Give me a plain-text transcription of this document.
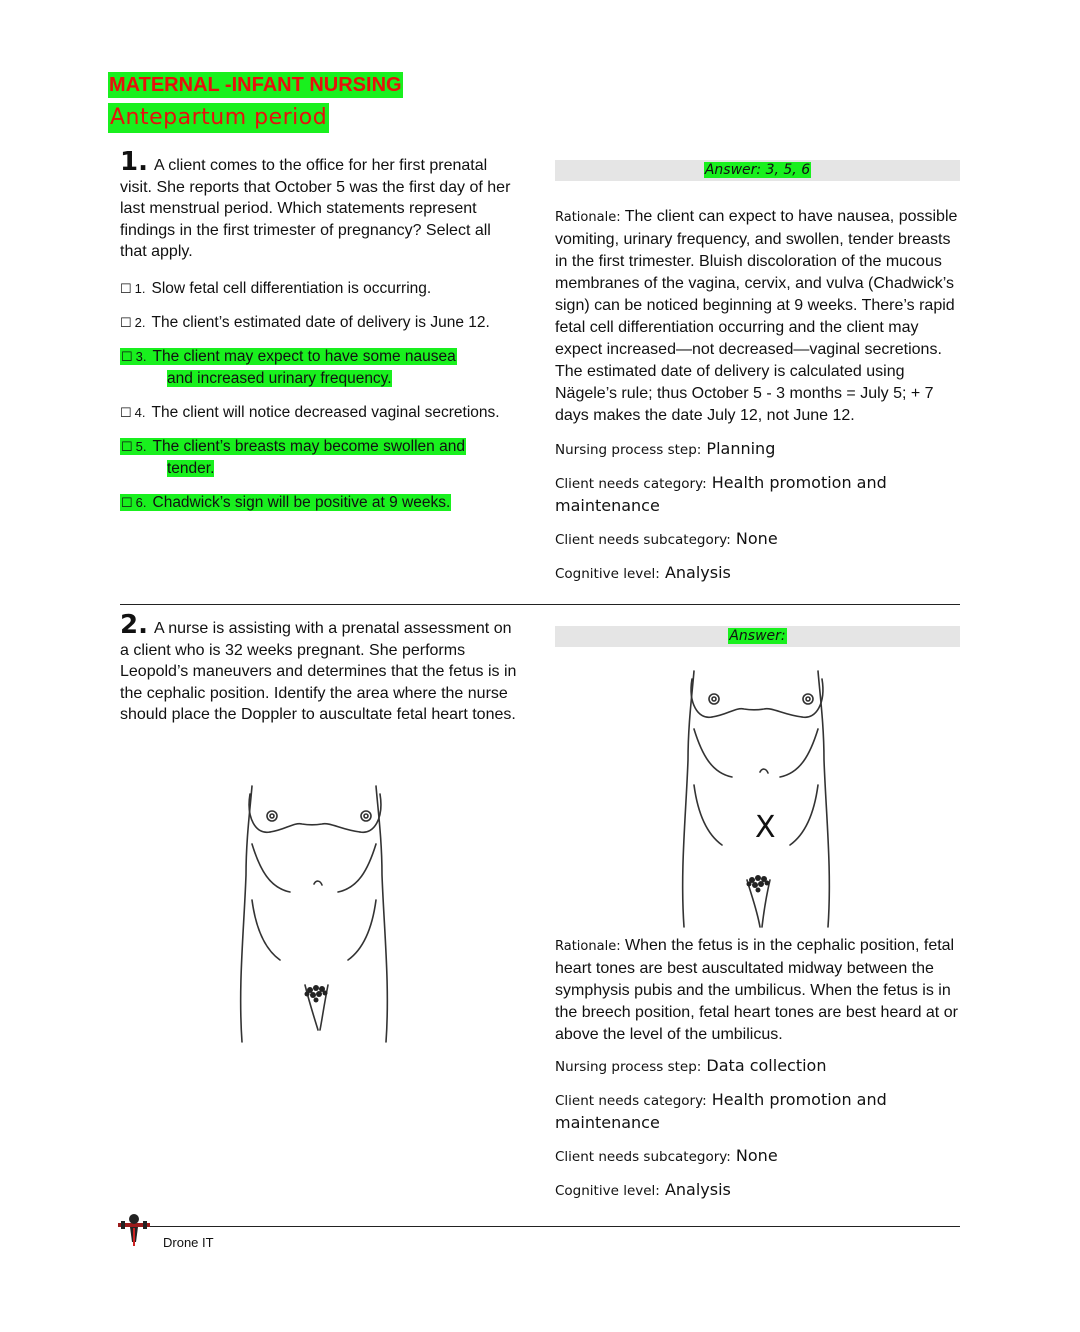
MATERNAL -INFANT NURSING
Antepartum period
1. A client comes to the office for her first prenatal visit. She reports that October 5 was the first day of her last menstrual period. Which statements represent findings in the first trimester of pregnancy? Select all that apply.
☐ 1. Slow fetal cell differentiation is occurring.
☐ 2. The client’s estimated date of delivery is June 12.
☐ 3. The client may expect to have some nausea
and increased urinary frequency.
☐ 4. The client will notice decreased vaginal secretions.
☐ 5. The client’s breasts may become swollen and
tender.
☐ 6. Chadwick’s sign will be positive at 9 weeks.
Answer: 3, 5, 6
Rationale: The client can expect to have nausea, possible vomiting, urinary frequency, and swollen, tender breasts in the first trimester. Bluish discoloration of the mucous membranes of the vagina, cervix, and vulva (Chadwick’s sign) can be noticed beginning at 9 weeks. There’s rapid fetal cell differentiation occurring and the client may expect increased—not decreased—vaginal secretions. The estimated date of delivery is calculated using Nägele’s rule; thus October 5 - 3 months = July 5; + 7 days makes the date July 12, not June 12.
Nursing process step: Planning
Client needs category: Health promotion and maintenance
Client needs subcategory: None
Cognitive level: Analysis
2. A nurse is assisting with a prenatal assessment on a client who is 32 weeks pregnant. She performs Leopold’s maneuvers and determines that the fetus is in the cephalic position. Identify the area where the nurse should place the Doppler to auscultate fetal heart tones.
Answer:
X
Rationale: When the fetus is in the cephalic position, fetal heart tones are best auscultated midway between the symphysis pubis and the umbilicus. When the fetus is in the breech position, fetal heart tones are best heard at or above the level of the umbilicus.
Nursing process step: Data collection
Client needs category: Health promotion and maintenance
Client needs subcategory: None
Cognitive level: Analysis
Drone IT
